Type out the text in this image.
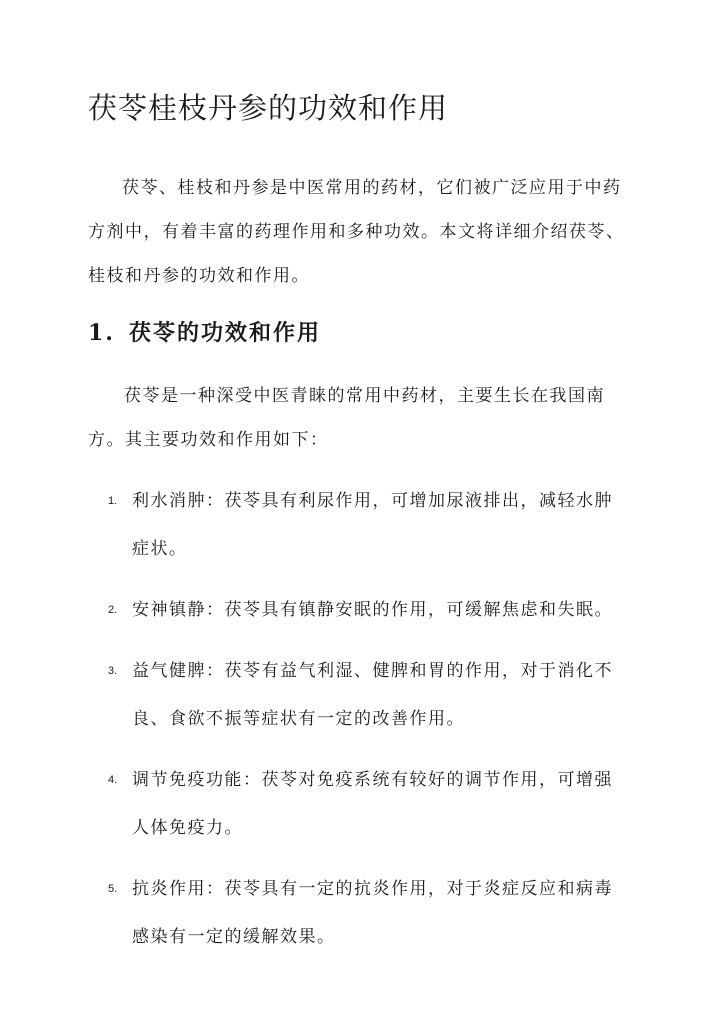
茯苓桂枝丹参的功效和作用

茯苓、桂枝和丹参是中医常用的药材，它们被广泛应用于中药方剂中，有着丰富的药理作用和多种功效。本文将详细介绍茯苓、桂枝和丹参的功效和作用。

1. 茯苓的功效和作用

茯苓是一种深受中医青睐的常用中药材，主要生长在我国南方。其主要功效和作用如下：

1. 利水消肿：茯苓具有利尿作用，可增加尿液排出，减轻水肿症状。
2. 安神镇静：茯苓具有镇静安眠的作用，可缓解焦虑和失眠。
3. 益气健脾：茯苓有益气利湿、健脾和胃的作用，对于消化不良、食欲不振等症状有一定的改善作用。
4. 调节免疫功能：茯苓对免疫系统有较好的调节作用，可增强人体免疫力。
5. 抗炎作用：茯苓具有一定的抗炎作用，对于炎症反应和病毒感染有一定的缓解效果。
